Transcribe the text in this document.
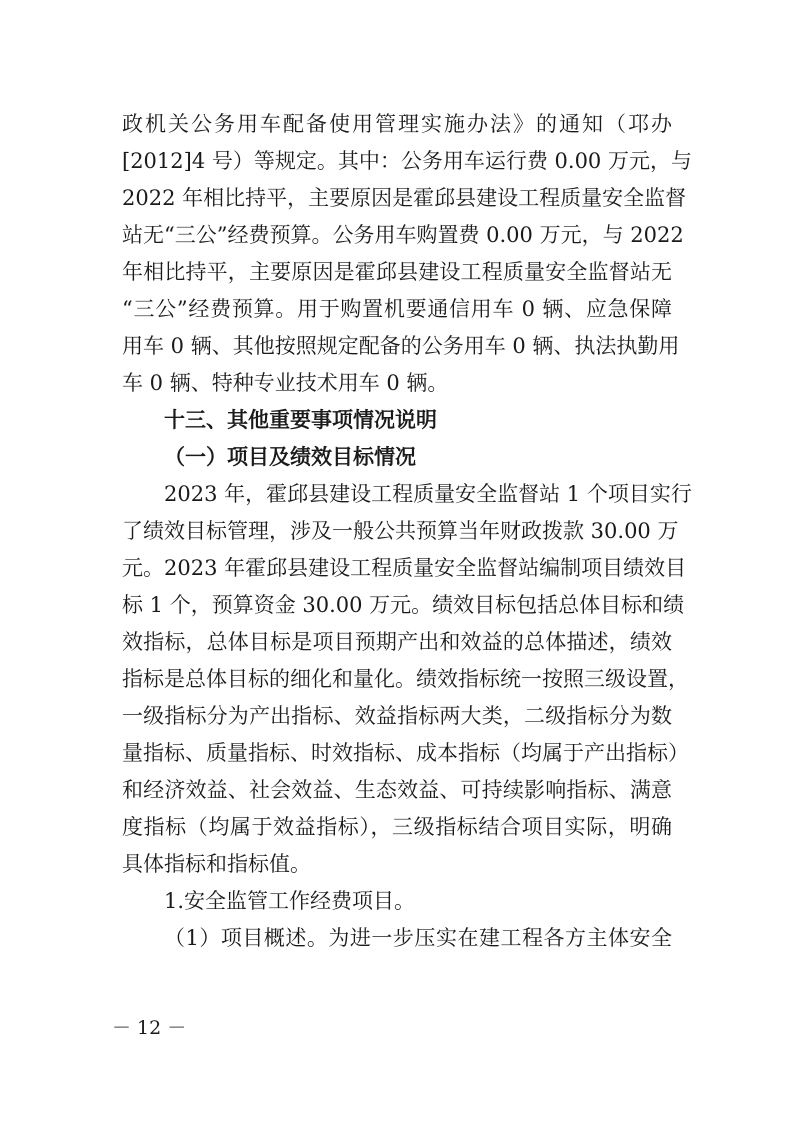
政机关公务用车配备使用管理实施办法》的通知（邛办
[2012]4 号）等规定。其中：公务用车运行费 0.00 万元，与
2022 年相比持平，主要原因是霍邱县建设工程质量安全监督
站无“三公”经费预算。公务用车购置费 0.00 万元，与 2022
年相比持平，主要原因是霍邱县建设工程质量安全监督站无
“三公”经费预算。用于购置机要通信用车 0 辆、应急保障
用车 0 辆、其他按照规定配备的公务用车 0 辆、执法执勤用
车 0 辆、特种专业技术用车 0 辆。
十三、其他重要事项情况说明
（一）项目及绩效目标情况
2023 年，霍邱县建设工程质量安全监督站 1 个项目实行
了绩效目标管理，涉及一般公共预算当年财政拨款 30.00 万
元。2023 年霍邱县建设工程质量安全监督站编制项目绩效目
标 1 个，预算资金 30.00 万元。绩效目标包括总体目标和绩
效指标，总体目标是项目预期产出和效益的总体描述，绩效
指标是总体目标的细化和量化。绩效指标统一按照三级设置，
一级指标分为产出指标、效益指标两大类，二级指标分为数
量指标、质量指标、时效指标、成本指标（均属于产出指标）
和经济效益、社会效益、生态效益、可持续影响指标、满意
度指标（均属于效益指标），三级指标结合项目实际，明确
具体指标和指标值。
1.安全监管工作经费项目。
（1）项目概述。为进一步压实在建工程各方主体安全
－ 12 －
